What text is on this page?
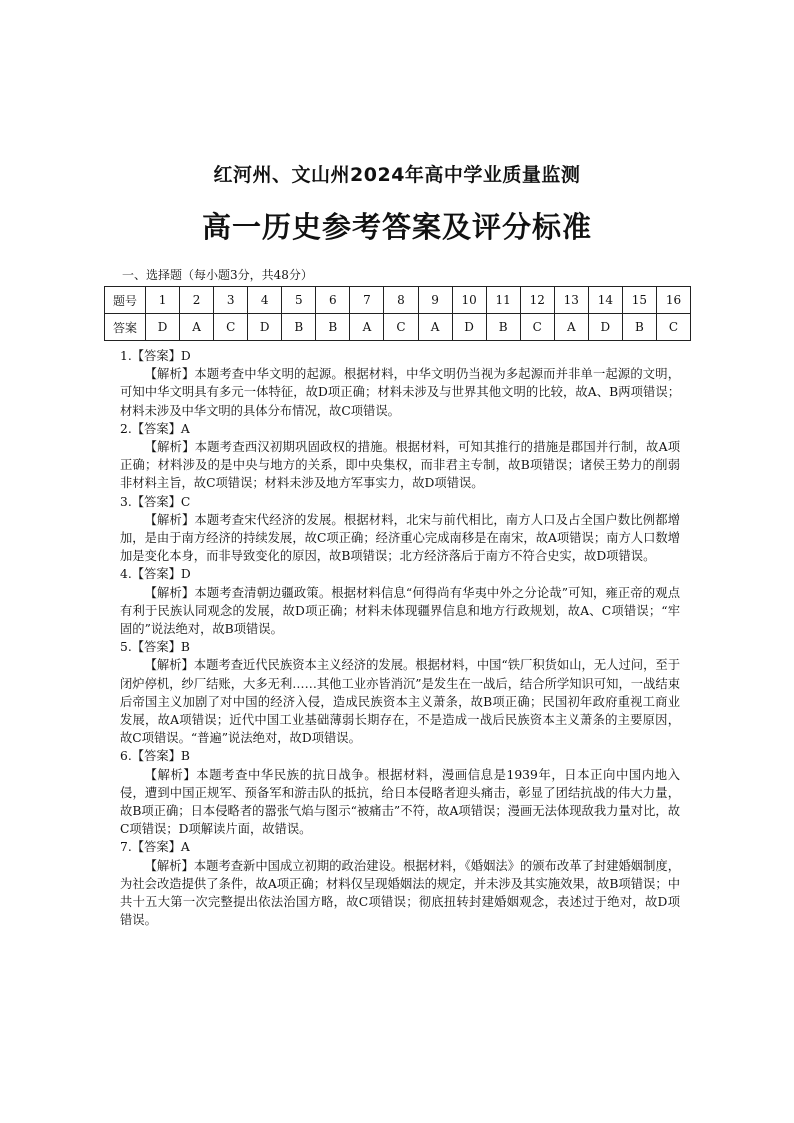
红河州、文山州2024年高中学业质量监测
高一历史参考答案及评分标准
一、选择题（每小题3分，共48分）
题号	1	2	3	4	5	6	7	8	9	10	11	12	13	14	15	16
答案	D	A	C	D	B	B	A	C	A	D	B	C	A	D	B	C

1.【答案】D

【解析】本题考查中华文明的起源。根据材料，中华文明仍当视为多起源而并非单一起源的文明，可知中华文明具有多元一体特征，故D项正确；材料未涉及与世界其他文明的比较，故A、B两项错误；材料未涉及中华文明的具体分布情况，故C项错误。

2.【答案】A

【解析】本题考查西汉初期巩固政权的措施。根据材料，可知其推行的措施是郡国并行制，故A项正确；材料涉及的是中央与地方的关系，即中央集权，而非君主专制，故B项错误；诸侯王势力的削弱非材料主旨，故C项错误；材料未涉及地方军事实力，故D项错误。

3.【答案】C

【解析】本题考查宋代经济的发展。根据材料，北宋与前代相比，南方人口及占全国户数比例都增加，是由于南方经济的持续发展，故C项正确；经济重心完成南移是在南宋，故A项错误；南方人口数增加是变化本身，而非导致变化的原因，故B项错误；北方经济落后于南方不符合史实，故D项错误。

4.【答案】D

【解析】本题考查清朝边疆政策。根据材料信息“何得尚有华夷中外之分论哉”可知，雍正帝的观点有利于民族认同观念的发展，故D项正确；材料未体现疆界信息和地方行政规划，故A、C项错误；“牢固的”说法绝对，故B项错误。

5.【答案】B

【解析】本题考查近代民族资本主义经济的发展。根据材料，中国“铁厂积货如山，无人过问，至于闭炉停机，纱厂结账，大多无利……其他工业亦皆消沉”是发生在一战后，结合所学知识可知，一战结束后帝国主义加剧了对中国的经济入侵，造成民族资本主义萧条，故B项正确；民国初年政府重视工商业发展，故A项错误；近代中国工业基础薄弱长期存在，不是造成一战后民族资本主义萧条的主要原因，故C项错误。“普遍”说法绝对，故D项错误。

6.【答案】B

【解析】本题考查中华民族的抗日战争。根据材料，漫画信息是1939年，日本正向中国内地入侵，遭到中国正规军、预备军和游击队的抵抗，给日本侵略者迎头痛击，彰显了团结抗战的伟大力量，故B项正确；日本侵略者的嚣张气焰与图示“被痛击”不符，故A项错误；漫画无法体现敌我力量对比，故C项错误；D项解读片面，故错误。

7.【答案】A

【解析】本题考查新中国成立初期的政治建设。根据材料，《婚姻法》的颁布改革了封建婚姻制度，为社会改造提供了条件，故A项正确；材料仅呈现婚姻法的规定，并未涉及其实施效果，故B项错误；中共十五大第一次完整提出依法治国方略，故C项错误；彻底扭转封建婚姻观念，表述过于绝对，故D项错误。
